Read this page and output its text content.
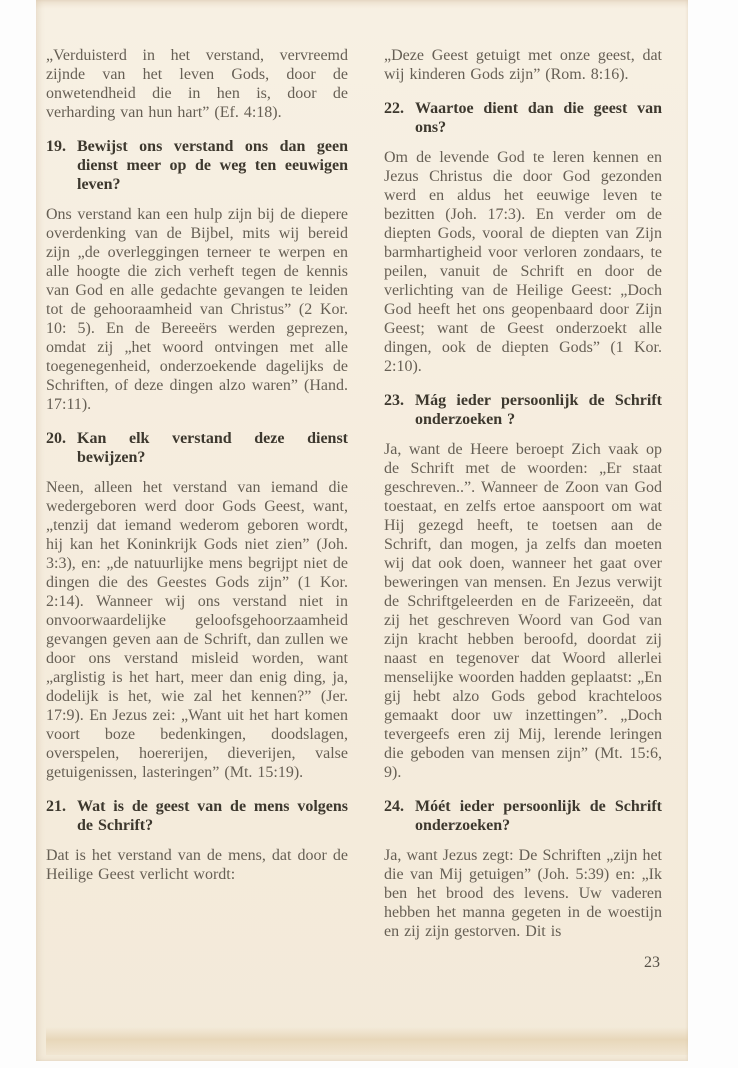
„Verduisterd in het verstand, vervreemd zijnde van het leven Gods, door de onwetendheid die in hen is, door de verharding van hun hart” (Ef. 4:18).

19. Bewijst ons verstand ons dan geen dienst meer op de weg ten eeuwigen leven?

Ons verstand kan een hulp zijn bij de diepere overdenking van de Bijbel, mits wij bereid zijn „de overleggingen terneer te werpen en alle hoogte die zich verheft tegen de kennis van God en alle gedachte gevangen te leiden tot de gehooraamheid van Christus” (2 Kor. 10: 5). En de Bereeërs werden geprezen, omdat zij „het woord ontvingen met alle toegenegenheid, onderzoekende dagelijks de Schriften, of deze dingen alzo waren” (Hand. 17:11).

20. Kan elk verstand deze dienst bewijzen?

Neen, alleen het verstand van iemand die wedergeboren werd door Gods Geest, want, „tenzij dat iemand wederom geboren wordt, hij kan het Koninkrijk Gods niet zien” (Joh. 3:3), en: „de natuurlijke mens begrijpt niet de dingen die des Geestes Gods zijn” (1 Kor. 2:14). Wanneer wij ons verstand niet in onvoorwaardelijke geloofsgehoorzaamheid gevangen geven aan de Schrift, dan zullen we door ons verstand misleid worden, want „arglistig is het hart, meer dan enig ding, ja, dodelijk is het, wie zal het kennen?” (Jer. 17:9). En Jezus zei: „Want uit het hart komen voort boze bedenkingen, doodslagen, overspelen, hoererijen, dieverijen, valse getuigenissen, lasteringen” (Mt. 15:19).

21. Wat is de geest van de mens volgens de Schrift?

Dat is het verstand van de mens, dat door de Heilige Geest verlicht wordt:

„Deze Geest getuigt met onze geest, dat wij kinderen Gods zijn” (Rom. 8:16).

22. Waartoe dient dan die geest van ons?

Om de levende God te leren kennen en Jezus Christus die door God gezonden werd en aldus het eeuwige leven te bezitten (Joh. 17:3). En verder om de diepten Gods, vooral de diepten van Zijn barmhartigheid voor verloren zondaars, te peilen, vanuit de Schrift en door de verlichting van de Heilige Geest: „Doch God heeft het ons geopenbaard door Zijn Geest; want de Geest onderzoekt alle dingen, ook de diepten Gods” (1 Kor. 2:10).

23. Mág ieder persoonlijk de Schrift onderzoeken ?

Ja, want de Heere beroept Zich vaak op de Schrift met de woorden: „Er staat geschreven..”. Wanneer de Zoon van God toestaat, en zelfs ertoe aanspoort om wat Hij gezegd heeft, te toetsen aan de Schrift, dan mogen, ja zelfs dan moeten wij dat ook doen, wanneer het gaat over beweringen van mensen. En Jezus verwijt de Schriftgeleerden en de Farizeeën, dat zij het geschreven Woord van God van zijn kracht hebben beroofd, doordat zij naast en tegenover dat Woord allerlei menselijke woorden hadden geplaatst: „En gij hebt alzo Gods gebod krachteloos gemaakt door uw inzettingen”. „Doch tevergeefs eren zij Mij, lerende leringen die geboden van mensen zijn” (Mt. 15:6, 9).

24. Móét ieder persoonlijk de Schrift onderzoeken?

Ja, want Jezus zegt: De Schriften „zijn het die van Mij getuigen” (Joh. 5:39) en: „Ik ben het brood des levens. Uw vaderen hebben het manna gegeten in de woestijn en zij zijn gestorven. Dit is

23
